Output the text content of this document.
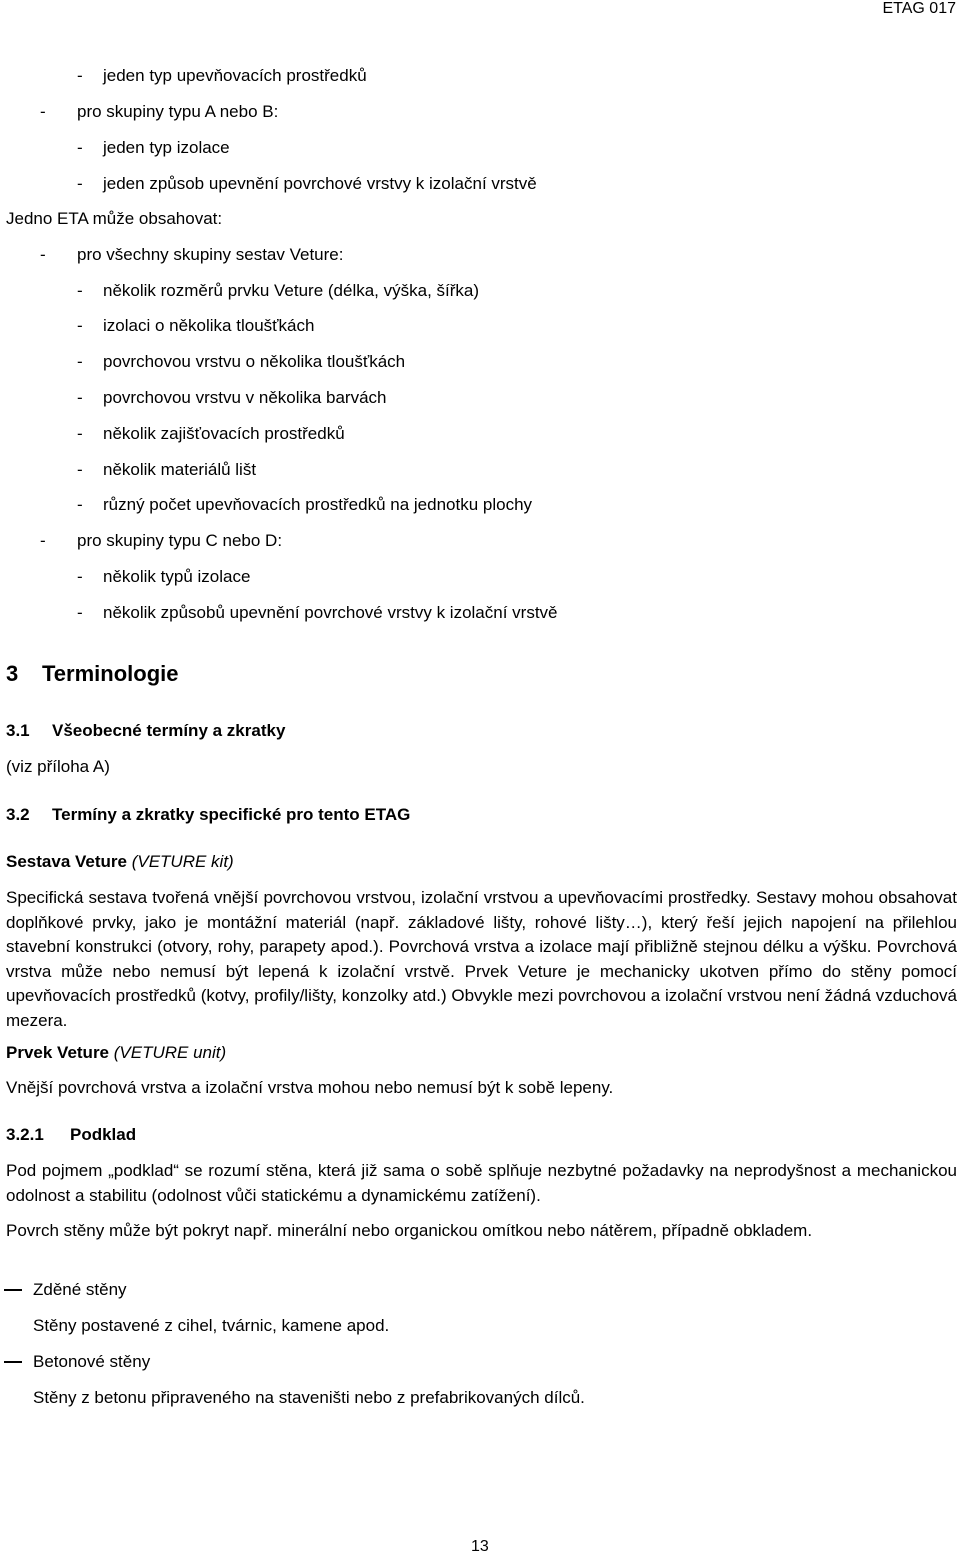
ETAG 017
- jeden typ upevňovacích prostředků
- pro skupiny typu A nebo B:
- jeden typ izolace
- jeden způsob upevnění povrchové vrstvy k izolační vrstvě
Jedno ETA může obsahovat:
- pro všechny skupiny sestav Veture:
- několik rozměrů prvku Veture (délka, výška, šířka)
- izolaci o několika tloušťkách
- povrchovou vrstvu o několika tloušťkách
- povrchovou vrstvu v několika barvách
- několik zajišťovacích prostředků
- několik materiálů lišt
- různý počet upevňovacích prostředků na jednotku plochy
- pro skupiny typu C nebo D:
- několik typů izolace
- několik způsobů upevnění povrchové vrstvy k izolační vrstvě
3 Terminologie
3.1 Všeobecné termíny a zkratky
(viz příloha A)
3.2 Termíny a zkratky specifické pro tento ETAG
Sestava Veture (VETURE kit)
Specifická sestava tvořená vnější povrchovou vrstvou, izolační vrstvou a upevňovacími prostředky. Sestavy mohou obsahovat doplňkové prvky, jako je montážní materiál (např. základové lišty, rohové lišty…), který řeší jejich napojení na přilehlou stavební konstrukci (otvory, rohy, parapety apod.). Povrchová vrstva a izolace mají přibližně stejnou délku a výšku. Povrchová vrstva může nebo nemusí být lepená k izolační vrstvě. Prvek Veture je mechanicky ukotven přímo do stěny pomocí upevňovacích prostředků (kotvy, profily/lišty, konzolky atd.) Obvykle mezi povrchovou a izolační vrstvou není žádná vzduchová mezera.
Prvek Veture (VETURE unit)
Vnější povrchová vrstva a izolační vrstva mohou nebo nemusí být k sobě lepeny.
3.2.1 Podklad
Pod pojmem „podklad“ se rozumí stěna, která již sama o sobě splňuje nezbytné požadavky na neprodyšnost a mechanickou odolnost a stabilitu (odolnost vůči statickému a dynamickému zatížení).
Povrch stěny může být pokryt např. minerální nebo organickou omítkou nebo nátěrem, případně obkladem.
Zděné stěny
Stěny postavené z cihel, tvárnic, kamene apod.
Betonové stěny
Stěny z betonu připraveného na staveništi nebo z prefabrikovaných dílců.
13
